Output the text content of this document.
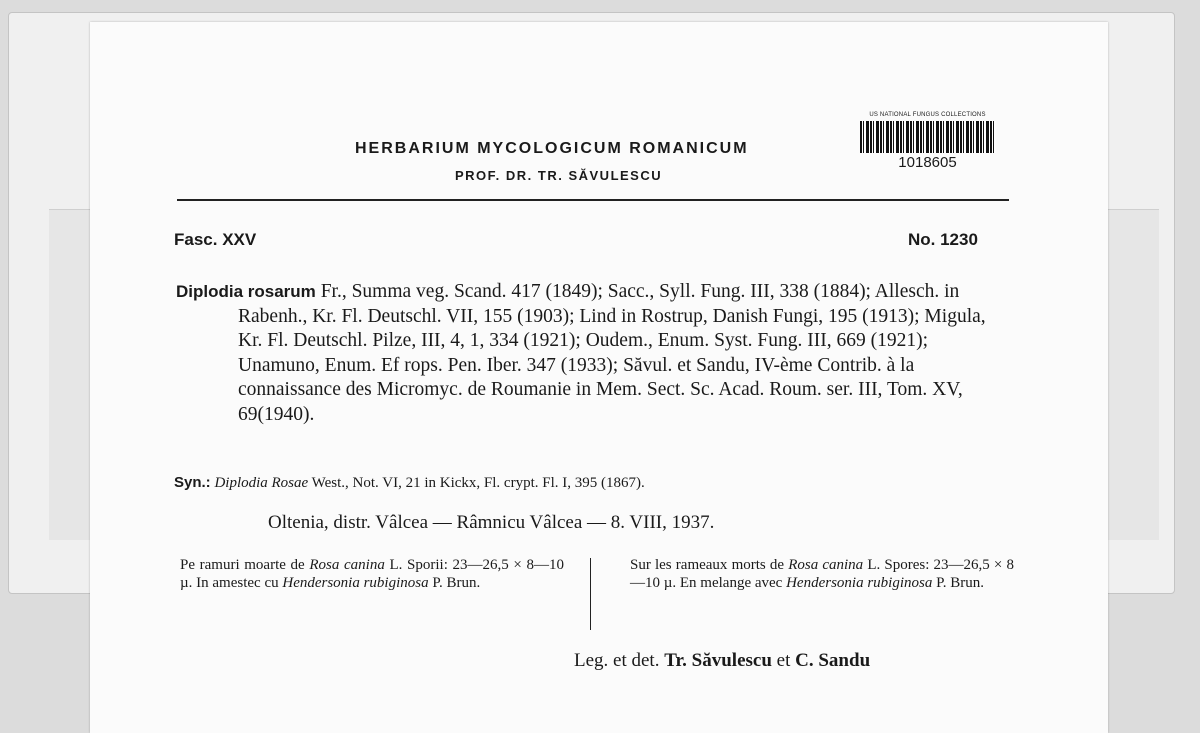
HERBARIUM MYCOLOGICUM ROMANICUM
PROF. DR. TR. SĂVULESCU
US NATIONAL FUNGUS COLLECTIONS
1018605
Fasc. XXV	No. 1230
Diplodia rosarum Fr., Summa veg. Scand. 417 (1849); Sacc., Syll. Fung. III, 338 (1884); Allesch. in Rabenh., Kr. Fl. Deutschl. VII, 155 (1903); Lind in Rostrup, Danish Fungi, 195 (1913); Migula, Kr. Fl. Deutschl. Pilze, III, 4, 1, 334 (1921); Oudem., Enum. Syst. Fung. III, 669 (1921); Unamuno, Enum. Ef rops. Pen. Iber. 347 (1933); Săvul. et Sandu, IV-ème Contrib. à la connaissance des Micromyc. de Roumanie in Mem. Sect. Sc. Acad. Roum. ser. III, Tom. XV, 69(1940).
Syn.: Diplodia Rosae West., Not. VI, 21 in Kickx, Fl. crypt. Fl. I, 395 (1867).
Oltenia, distr. Vâlcea — Râmnicu Vâlcea — 8. VIII, 1937.
Pe ramuri moarte de Rosa canina L. Sporii: 23—26,5 × 8—10 µ. In amestec cu Hendersonia rubiginosa P. Brun.
Sur les rameaux morts de Rosa canina L. Spores: 23—26,5 × 8—10 µ. En melange avec Hendersonia rubiginosa P. Brun.
Leg. et det. Tr. Săvulescu et C. Sandu
